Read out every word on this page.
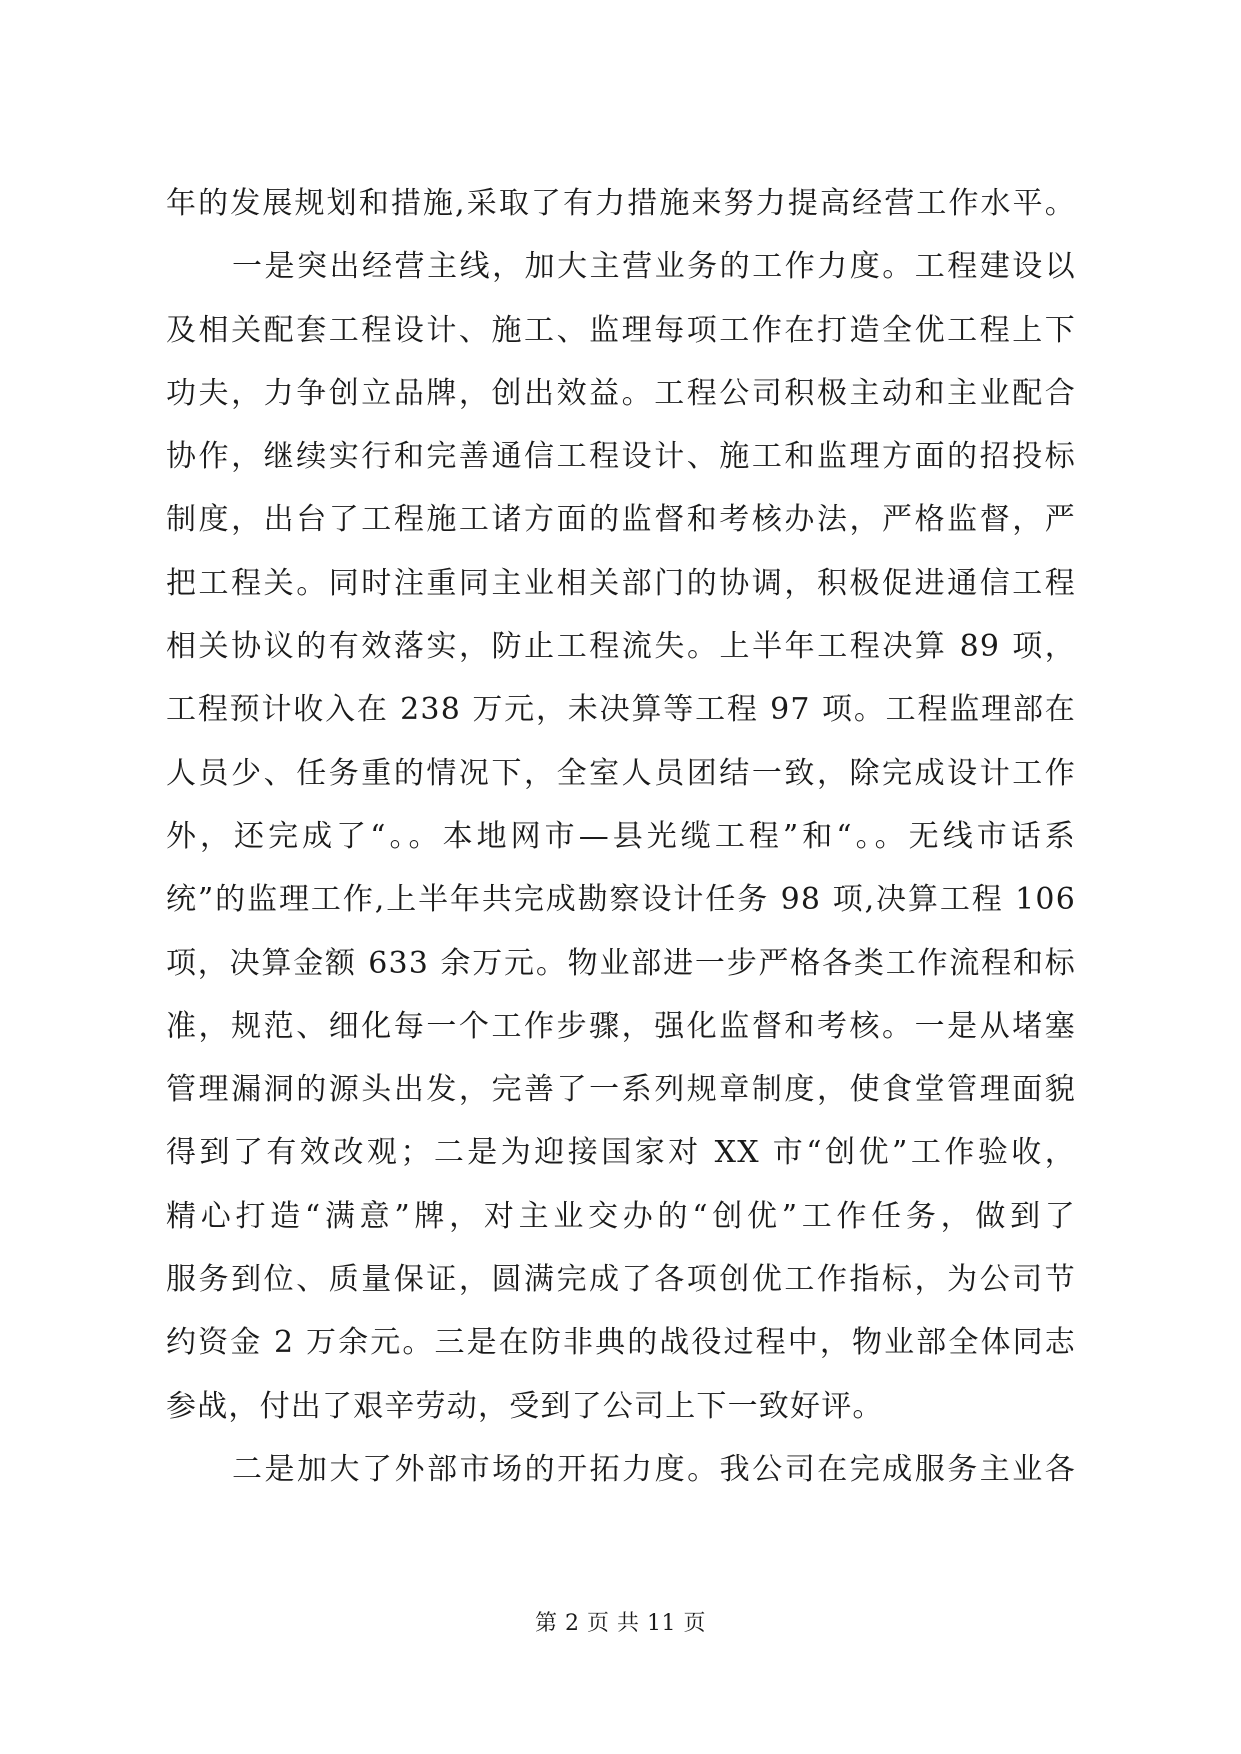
年的发展规划和措施,采取了有力措施来努力提高经营工作水平。
一是突出经营主线，加大主营业务的工作力度。工程建设以
及相关配套工程设计、施工、监理每项工作在打造全优工程上下
功夫，力争创立品牌，创出效益。工程公司积极主动和主业配合
协作，继续实行和完善通信工程设计、施工和监理方面的招投标
制度，出台了工程施工诸方面的监督和考核办法，严格监督，严
把工程关。同时注重同主业相关部门的协调，积极促进通信工程
相关协议的有效落实，防止工程流失。上半年工程决算 89 项，
工程预计收入在 238 万元，未决算等工程 97 项。工程监理部在
人员少、任务重的情况下，全室人员团结一致，除完成设计工作
外，还完成了“。。本地网市—县光缆工程”和“。。无线市话系
统”的监理工作,上半年共完成勘察设计任务 98 项,决算工程 106
项，决算金额 633 余万元。物业部进一步严格各类工作流程和标
准，规范、细化每一个工作步骤，强化监督和考核。一是从堵塞
管理漏洞的源头出发，完善了一系列规章制度，使食堂管理面貌
得到了有效改观；二是为迎接国家对 XX 市“创优”工作验收，
精心打造“满意”牌，对主业交办的“创优”工作任务，做到了
服务到位、质量保证，圆满完成了各项创优工作指标，为公司节
约资金 2 万余元。三是在防非典的战役过程中，物业部全体同志
参战，付出了艰辛劳动，受到了公司上下一致好评。
二是加大了外部市场的开拓力度。我公司在完成服务主业各
第 2 页 共 11 页
